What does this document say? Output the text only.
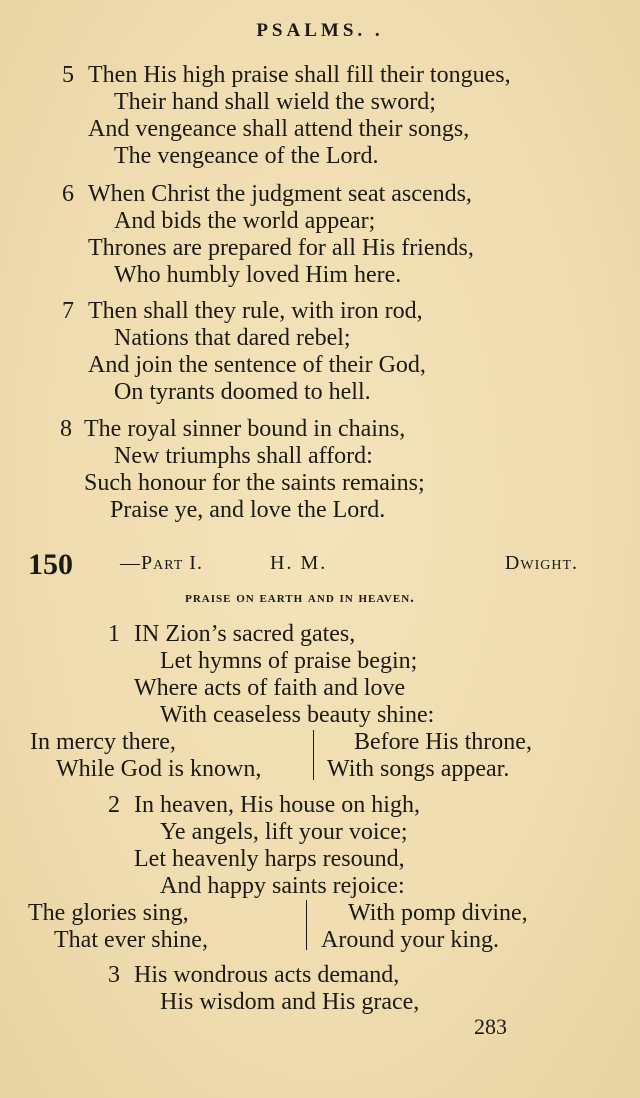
PSALMS. .
5 Then His high praise shall fill their tongues,
Their hand shall wield the sword;
And vengeance shall attend their songs,
The vengeance of the Lord.
6 When Christ the judgment seat ascends,
And bids the world appear;
Thrones are prepared for all His friends,
Who humbly loved Him here.
7 Then shall they rule, with iron rod,
Nations that dared rebel;
And join the sentence of their God,
On tyrants doomed to hell.
8 The royal sinner bound in chains,
New triumphs shall afford:
Such honour for the saints remains;
Praise ye, and love the Lord.
150 —Part I.	H. M.	Dwight.
praise on earth and in heaven.
1 IN Zion’s sacred gates,
Let hymns of praise begin;
Where acts of faith and love
With ceaseless beauty shine:
In mercy there,
While God is known,
Before His throne,
With songs appear.
2 In heaven, His house on high,
Ye angels, lift your voice;
Let heavenly harps resound,
And happy saints rejoice:
The glories sing,
That ever shine,
With pomp divine,
Around your king.
3 His wondrous acts demand,
His wisdom and His grace,
283
